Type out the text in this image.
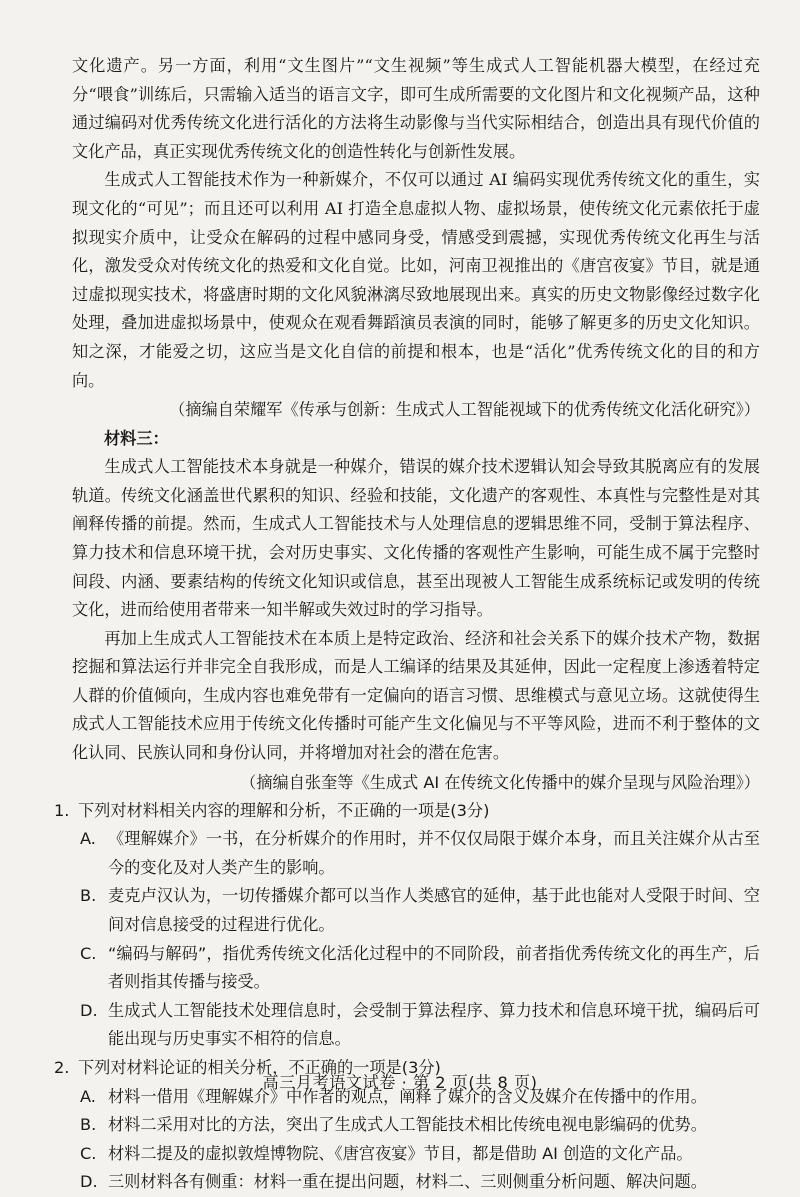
文化遗产。另一方面，利用“文生图片”“文生视频”等生成式人工智能机器大模型，在经过充分“喂食”训练后，只需输入适当的语言文字，即可生成所需要的文化图片和文化视频产品，这种通过编码对优秀传统文化进行活化的方法将生动影像与当代实际相结合，创造出具有现代价值的文化产品，真正实现优秀传统文化的创造性转化与创新性发展。

生成式人工智能技术作为一种新媒介，不仅可以通过 AI 编码实现优秀传统文化的重生，实现文化的“可见”；而且还可以利用 AI 打造全息虚拟人物、虚拟场景，使传统文化元素依托于虚拟现实介质中，让受众在解码的过程中感同身受，情感受到震撼，实现优秀传统文化再生与活化，激发受众对传统文化的热爱和文化自觉。比如，河南卫视推出的《唐宫夜宴》节目，就是通过虚拟现实技术，将盛唐时期的文化风貌淋漓尽致地展现出来。真实的历史文物影像经过数字化处理，叠加进虚拟场景中，使观众在观看舞蹈演员表演的同时，能够了解更多的历史文化知识。知之深，才能爱之切，这应当是文化自信的前提和根本，也是“活化”优秀传统文化的目的和方向。

（摘编自荣耀军《传承与创新：生成式人工智能视域下的优秀传统文化活化研究》）

材料三：

生成式人工智能技术本身就是一种媒介，错误的媒介技术逻辑认知会导致其脱离应有的发展轨道。传统文化涵盖世代累积的知识、经验和技能，文化遗产的客观性、本真性与完整性是对其阐释传播的前提。然而，生成式人工智能技术与人处理信息的逻辑思维不同，受制于算法程序、算力技术和信息环境干扰，会对历史事实、文化传播的客观性产生影响，可能生成不属于完整时间段、内涵、要素结构的传统文化知识或信息，甚至出现被人工智能生成系统标记或发明的传统文化，进而给使用者带来一知半解或失效过时的学习指导。

再加上生成式人工智能技术在本质上是特定政治、经济和社会关系下的媒介技术产物，数据挖掘和算法运行并非完全自我形成，而是人工编译的结果及其延伸，因此一定程度上渗透着特定人群的价值倾向，生成内容也难免带有一定偏向的语言习惯、思维模式与意见立场。这就使得生成式人工智能技术应用于传统文化传播时可能产生文化偏见与不平等风险，进而不利于整体的文化认同、民族认同和身份认同，并将增加对社会的潜在危害。

（摘编自张奎等《生成式 AI 在传统文化传播中的媒介呈现与风险治理》）

1. 下列对材料相关内容的理解和分析，不正确的一项是(3分)
A. 《理解媒介》一书，在分析媒介的作用时，并不仅仅局限于媒介本身，而且关注媒介从古至今的变化及对人类产生的影响。
B. 麦克卢汉认为，一切传播媒介都可以当作人类感官的延伸，基于此也能对人受限于时间、空间对信息接受的过程进行优化。
C. “编码与解码”，指优秀传统文化活化过程中的不同阶段，前者指优秀传统文化的再生产，后者则指其传播与接受。
D. 生成式人工智能技术处理信息时，会受制于算法程序、算力技术和信息环境干扰，编码后可能出现与历史事实不相符的信息。
2. 下列对材料论证的相关分析，不正确的一项是(3分)
A. 材料一借用《理解媒介》中作者的观点，阐释了媒介的含义及媒介在传播中的作用。
B. 材料二采用对比的方法，突出了生成式人工智能技术相比传统电视电影编码的优势。
C. 材料二提及的虚拟敦煌博物院、《唐宫夜宴》节目，都是借助 AI 创造的文化产品。
D. 三则材料各有侧重：材料一重在提出问题，材料二、三则侧重分析问题、解决问题。
高三月考语文试卷 · 第 2 页(共 8 页)
